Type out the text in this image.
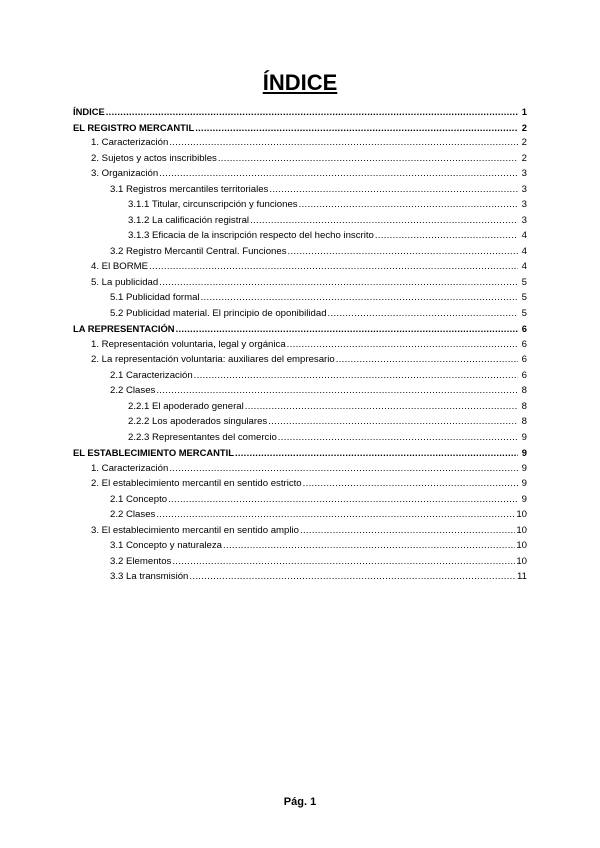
ÍNDICE
ÍNDICE .....	1
EL REGISTRO MERCANTIL .....	2
1. Caracterización .....	2
2. Sujetos y actos inscribibles .....	2
3. Organización .....	3
3.1 Registros mercantiles territoriales .....	3
3.1.1 Titular, circunscripción y funciones .....	3
3.1.2 La calificación registral .....	3
3.1.3 Eficacia de la inscripción respecto del hecho inscrito .....	4
3.2 Registro Mercantil Central. Funciones .....	4
4. El BORME .....	4
5. La publicidad .....	5
5.1 Publicidad formal .....	5
5.2 Publicidad material. El principio de oponibilidad .....	5
LA REPRESENTACIÓN .....	6
1. Representación voluntaria, legal y orgánica .....	6
2. La representación voluntaria: auxiliares del empresario .....	6
2.1 Caracterización .....	6
2.2 Clases .....	8
2.2.1 El apoderado general .....	8
2.2.2 Los apoderados singulares .....	8
2.2.3 Representantes del comercio .....	9
EL ESTABLECIMIENTO MERCANTIL .....	9
1. Caracterización .....	9
2. El establecimiento mercantil en sentido estricto .....	9
2.1 Concepto .....	9
2.2 Clases .....	10
3. El establecimiento mercantil en sentido amplio .....	10
3.1 Concepto y naturaleza .....	10
3.2 Elementos .....	10
3.3 La transmisión .....	11
Pág. 1
